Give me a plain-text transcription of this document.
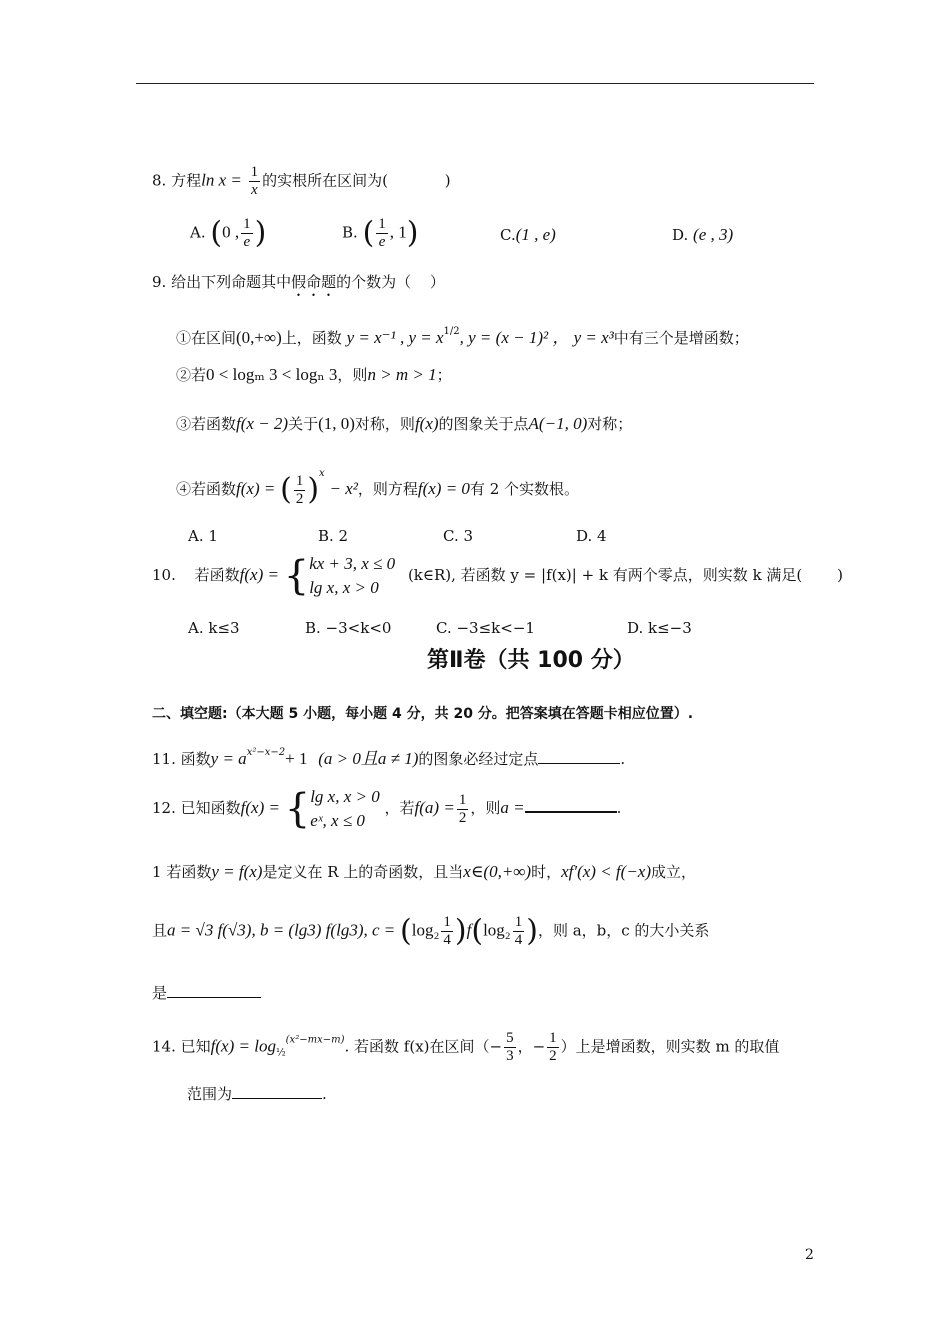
8. 方程$\ln x = \frac{1}{x}$ 的实根所在区间为(	)
A. (0 , $\frac{1}{e}$ )	B. ( $\frac{1}{e}$ , 1)	C.(1 , e)	D. (e , 3)
9. 给出下列命题其中假命题的个数为（ ）
①在区间(0,+∞)上，函数 y = x⁻¹ , $y = x^{1/2}$, y = (x − 1)² ， y = x³中有三个是增函数；
②若0 < logₘ 3 < logₙ 3，则n > m > 1；
③若函数f(x − 2)关于(1, 0)对称，则f(x)的图象关于点A(−1, 0)对称；
④若函数f(x) = ( $\frac{1}{2} )^x - x^2$，则方程f(x) = 0有 2 个实数根。
A. 1	B. 2	C. 3	D. 4
10. 若函数f(x) = { kx + 3, x ≤ 0
lg x, x > 0
(k∈R), 若函数 y = |f(x)| + k 有两个零点，则实数 k 满足( )
A. k≤3	B. −3<k<0	C. −3≤k<−1	D. k≤−3
第Ⅱ卷（共 100 分）
二、填空题:（本大题 5 小题，每小题 4 分，共 20 分。把答案填在答题卡相应位置）.
11. 函数$y = a^{x^2-x-2}+ 1$ (a > 0且a ≠ 1)的图象必经过定点	.
12. 已知函数f(x) = { lg x, x > 0
eˣ, x ≤ 0
，若$f(a) = \frac{1}{2}$ ，则a =	.
1 若函数y = f(x)是定义在 R 上的奇函数，且当x∈(0,+∞)时，xf′(x) < f(−x)成立，
且a = √3 f(√3), b = (lg3) f(lg3), $c = (\log_2 \frac{1}{4} )f(\log_2 \frac{1}{4}$ )，则 a，b，c 的大小关系
是
14. 已知$f(x) = \log_{\frac{1}{2}}^{(x^2-mx-m)}$. 若函数 f(x)在区间（− $\frac{5}{3}$ ，− $\frac{1}{2}$ ）上是增函数，则实数 m 的取值
范围为	.
2
